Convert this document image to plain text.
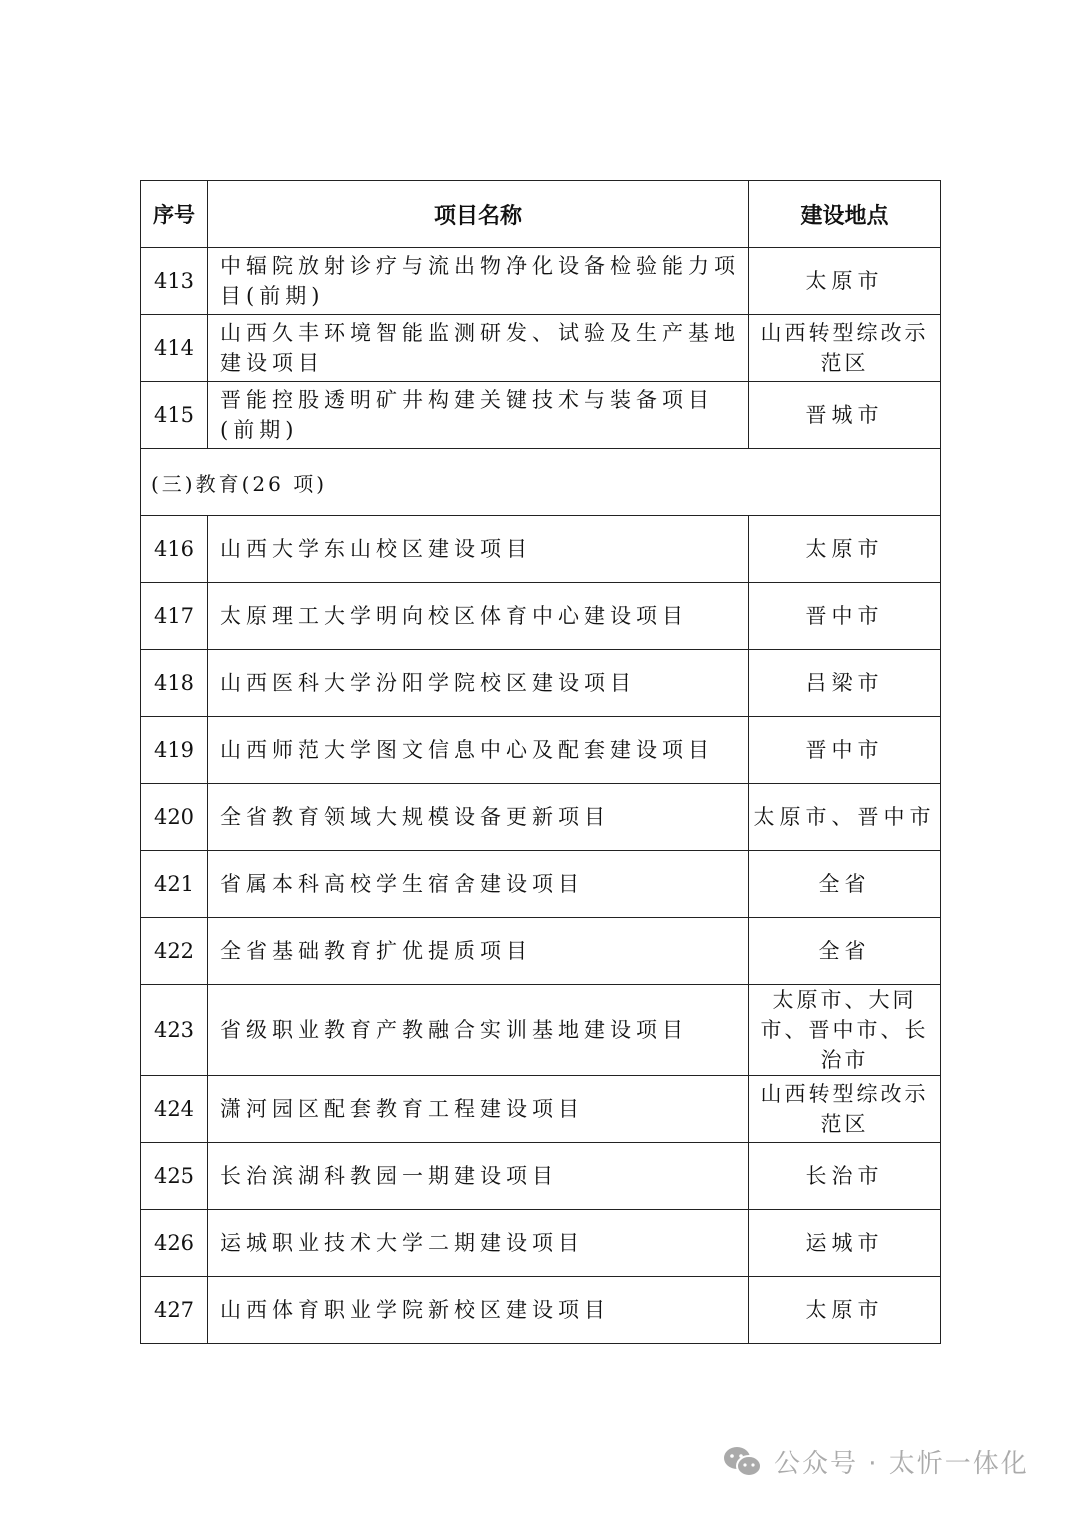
序号	项目名称	建设地点
413	中辐院放射诊疗与流出物净化设备检验能力项目(前期)	太原市
414	山西久丰环境智能监测研发、试验及生产基地建设项目	山西转型综改示范区
415	晋能控股透明矿井构建关键技术与装备项目(前期)	晋城市
(三)教育(26 项)		
416	山西大学东山校区建设项目	太原市
417	太原理工大学明向校区体育中心建设项目	晋中市
418	山西医科大学汾阳学院校区建设项目	吕梁市
419	山西师范大学图文信息中心及配套建设项目	晋中市
420	全省教育领域大规模设备更新项目	太原市、晋中市
421	省属本科高校学生宿舍建设项目	全省
422	全省基础教育扩优提质项目	全省
423	省级职业教育产教融合实训基地建设项目	太原市、大同市、晋中市、长治市
424	潇河园区配套教育工程建设项目	山西转型综改示范区
425	长治滨湖科教园一期建设项目	长治市
426	运城职业技术大学二期建设项目	运城市
427	山西体育职业学院新校区建设项目	太原市
公众号 · 太忻一体化
